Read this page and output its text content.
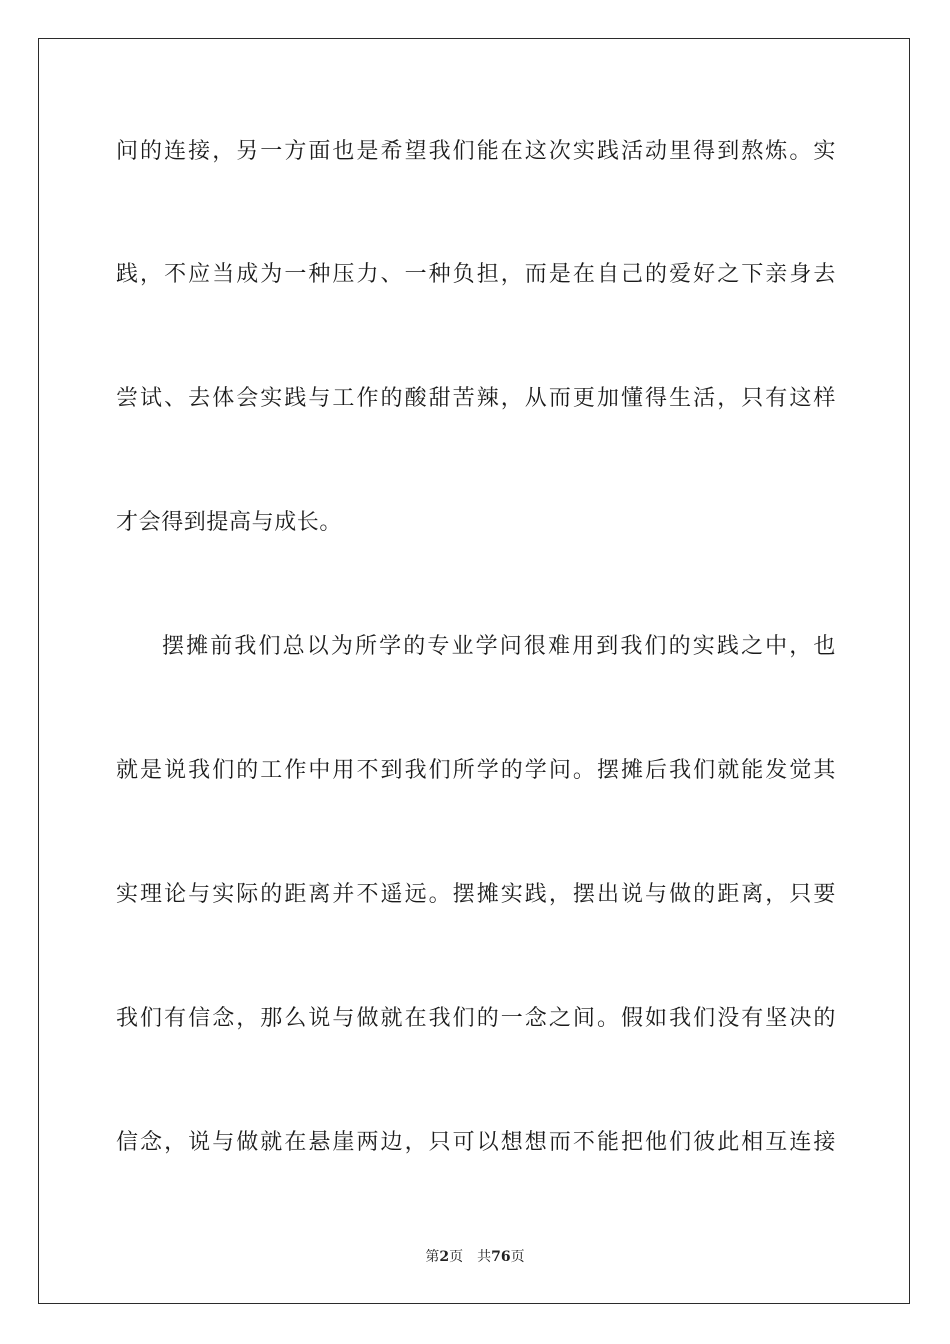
问的连接，另一方面也是希望我们能在这次实践活动里得到熬炼。实
践，不应当成为一种压力、一种负担，而是在自己的爱好之下亲身去
尝试、去体会实践与工作的酸甜苦辣，从而更加懂得生活，只有这样
才会得到提高与成长。
摆摊前我们总以为所学的专业学问很难用到我们的实践之中，也
就是说我们的工作中用不到我们所学的学问。摆摊后我们就能发觉其
实理论与实际的距离并不遥远。摆摊实践，摆出说与做的距离，只要
我们有信念，那么说与做就在我们的一念之间。假如我们没有坚决的
信念，说与做就在悬崖两边，只可以想想而不能把他们彼此相互连接
第2页 共76页
